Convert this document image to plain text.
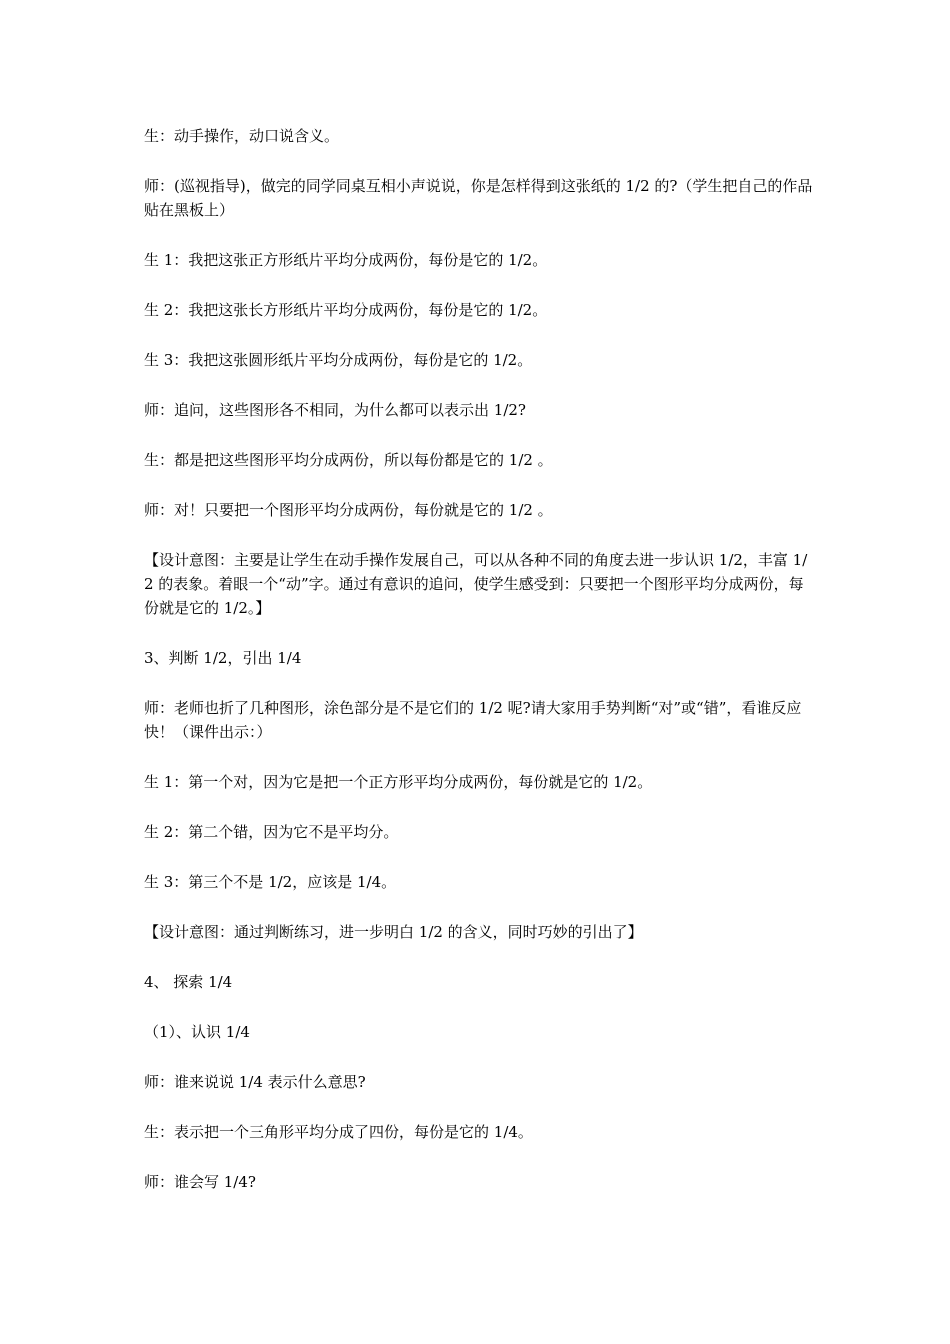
生：动手操作，动口说含义。

师：(巡视指导)，做完的同学同桌互相小声说说，你是怎样得到这张纸的 1/2 的?（学生把自己的作品贴在黑板上）

生 1：我把这张正方形纸片平均分成两份，每份是它的 1/2。

生 2：我把这张长方形纸片平均分成两份，每份是它的 1/2。

生 3：我把这张圆形纸片平均分成两份，每份是它的 1/2。

师：追问，这些图形各不相同，为什么都可以表示出 1/2?

生：都是把这些图形平均分成两份，所以每份都是它的 1/2 。

师：对！只要把一个图形平均分成两份，每份就是它的 1/2 。

【设计意图：主要是让学生在动手操作发展自己，可以从各种不同的角度去进一步认识 1/2，丰富 1/2 的表象。着眼一个“动”字。通过有意识的追问，使学生感受到：只要把一个图形平均分成两份，每份就是它的 1/2。】

3、判断 1/2，引出 1/4

师：老师也折了几种图形，涂色部分是不是它们的 1/2 呢?请大家用手势判断“对”或“错”，看谁反应快！（课件出示：）

生 1：第一个对，因为它是把一个正方形平均分成两份，每份就是它的 1/2。

生 2：第二个错，因为它不是平均分。

生 3：第三个不是 1/2，应该是 1/4。

【设计意图：通过判断练习，进一步明白 1/2 的含义，同时巧妙的引出了】

4、 探索 1/4

（1）、认识 1/4

师：谁来说说 1/4 表示什么意思?

生：表示把一个三角形平均分成了四份，每份是它的 1/4。

师：谁会写 1/4?
